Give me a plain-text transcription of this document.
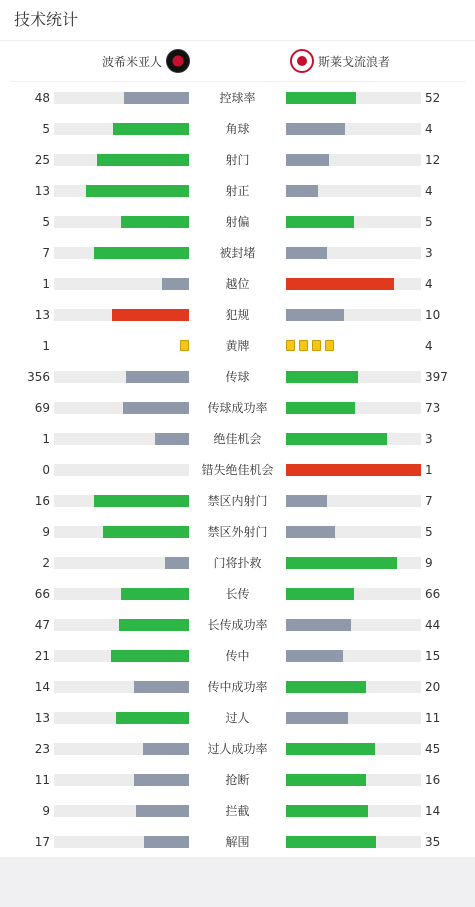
技术统计
波希米亚人	斯莱戈流浪者
48	控球率	52
5	角球	4
25	射门	12
13	射正	4
5	射偏	5
7	被封堵	3
1	越位	4
13	犯规	10
1	黄牌	4
356	传球	397
69	传球成功率	73
1	绝佳机会	3
0	错失绝佳机会	1
16	禁区内射门	7
9	禁区外射门	5
2	门将扑救	9
66	长传	66
47	长传成功率	44
21	传中	15
14	传中成功率	20
13	过人	11
23	过人成功率	45
11	抢断	16
9	拦截	14
17	解围	35
